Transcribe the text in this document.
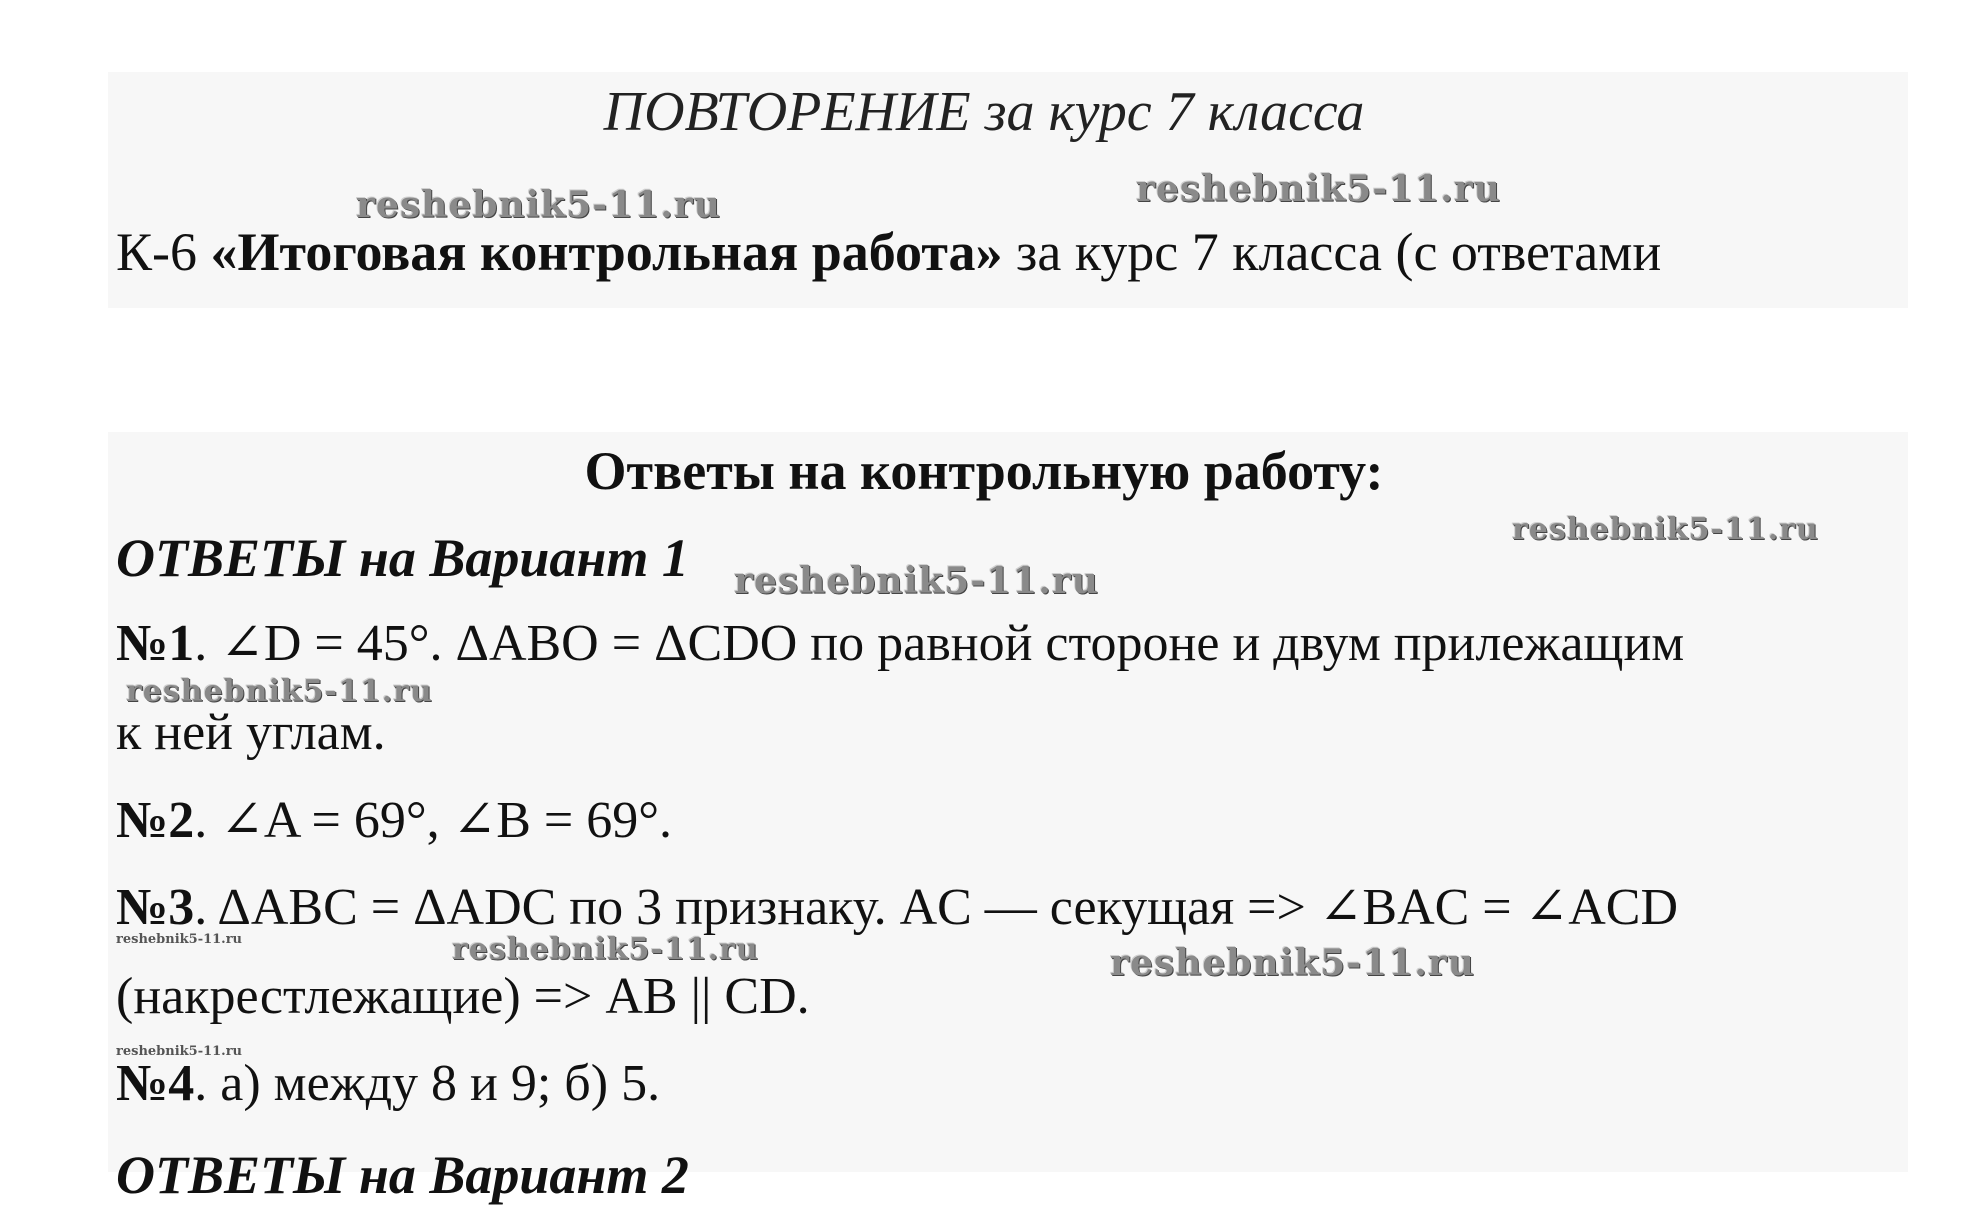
ОТВЕТЫ на Вариант 2
ПОВТОРЕНИЕ за курс 7 класса
К-6 «Итоговая контрольная работа» за курс 7 класса (с ответами
Ответы на контрольную работу:
ОТВЕТЫ на Вариант 1
№1. ∠D = 45°. ΔABO = ΔCDO по равной стороне и двум прилежащим
к ней углам.
№2. ∠A = 69°, ∠B = 69°.
№3. ΔABC = ΔADC по 3 признаку. AC — секущая => ∠BAC = ∠ACD
(накрестлежащие) => AB || CD.
№4. а) между 8 и 9; б) 5.
reshebnik5-11.ru	reshebnik5-11.ru
reshebnik5-11.ru
reshebnik5-11.ru
reshebnik5-11.ru
reshebnik5-11.ru	reshebnik5-11.ru	reshebnik5-11.ru
reshebnik5-11.ru
